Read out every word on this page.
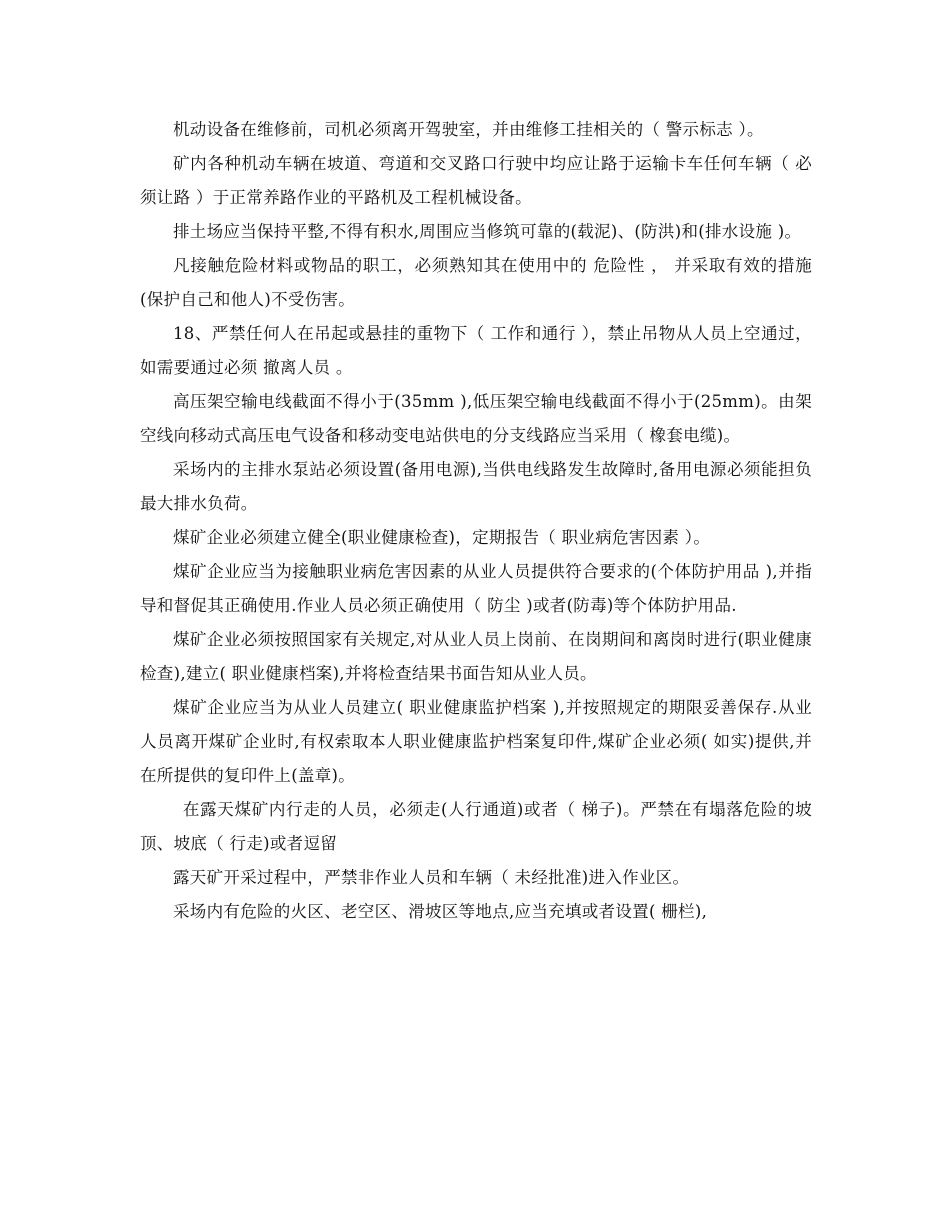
机动设备在维修前，司机必须离开驾驶室，并由维修工挂相关的（ 警示标志 ）。

矿内各种机动车辆在坡道、弯道和交叉路口行驶中均应让路于运输卡车任何车辆（ 必须让路 ）于正常养路作业的平路机及工程机械设备。

排土场应当保持平整,不得有积水,周围应当修筑可靠的(载泥)、(防洪)和(排水设施 )。

凡接触危险材料或物品的职工，必须熟知其在使用中的 危险性 ， 并采取有效的措施(保护自己和他人)不受伤害。

18、严禁任何人在吊起或悬挂的重物下（ 工作和通行 ），禁止吊物从人员上空通过，如需要通过必须 撤离人员 。

高压架空输电线截面不得小于(35mm ),低压架空输电线截面不得小于(25mm)。由架空线向移动式高压电气设备和移动变电站供电的分支线路应当采用（ 橡套电缆)。

采场内的主排水泵站必须设置(备用电源),当供电线路发生故障时,备用电源必须能担负最大排水负荷。

煤矿企业必须建立健全(职业健康检查)，定期报告（ 职业病危害因素 ）。

煤矿企业应当为接触职业病危害因素的从业人员提供符合要求的(个体防护用品 ),并指导和督促其正确使用.作业人员必须正确使用（ 防尘 )或者(防毒)等个体防护用品.

煤矿企业必须按照国家有关规定,对从业人员上岗前、在岗期间和离岗时进行(职业健康检查),建立( 职业健康档案),并将检查结果书面告知从业人员。

煤矿企业应当为从业人员建立( 职业健康监护档案 ),并按照规定的期限妥善保存.从业人员离开煤矿企业时,有权索取本人职业健康监护档案复印件,煤矿企业必须( 如实)提供,并在所提供的复印件上(盖章)。

在露天煤矿内行走的人员，必须走(人行通道)或者（ 梯子)。严禁在有塌落危险的坡顶、坡底（ 行走)或者逗留

露天矿开采过程中，严禁非作业人员和车辆（ 未经批准)进入作业区。

采场内有危险的火区、老空区、滑坡区等地点,应当充填或者设置( 栅栏),
